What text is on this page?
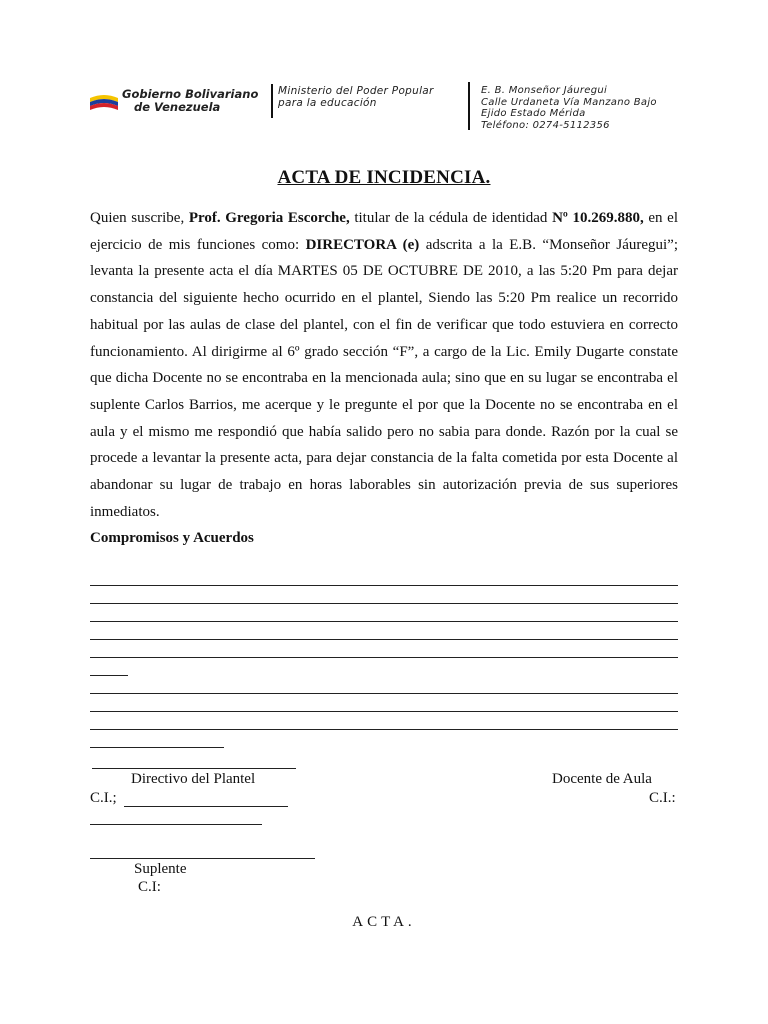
Gobierno Bolivariano
de Venezuela
Ministerio del Poder Popular
para la educación
E. B. Monseñor Jáuregui
Calle Urdaneta Vía Manzano Bajo
Ejido Estado Mérida
Teléfono: 0274-5112356
ACTA DE INCIDENCIA.
Quien suscribe, Prof. Gregoria Escorche, titular de la cédula de identidad Nº 10.269.880, en el
ejercicio de mis funciones como: DIRECTORA (e) adscrita a la E.B. “Monseñor Jáuregui”;
levanta la presente acta el día MARTES 05 DE OCTUBRE DE 2010, a las 5:20 Pm para dejar
constancia del siguiente hecho ocurrido en el plantel, Siendo las 5:20 Pm realice un recorrido
habitual por las aulas de clase del plantel, con el fin de verificar que todo estuviera en correcto
funcionamiento. Al dirigirme al 6º grado sección “F”, a cargo de la Lic. Emily Dugarte constate
que dicha Docente no se encontraba en la mencionada aula; sino que en su lugar se encontraba el
suplente Carlos Barrios, me acerque y le pregunte el por que la Docente no se encontraba en el
aula y el mismo me respondió que había salido pero no sabia para donde. Razón por la cual se
procede a levantar la presente acta, para dejar constancia de la falta cometida por esta Docente al
abandonar su lugar de trabajo en horas laborables sin autorización previa de sus superiores
inmediatos.
Compromisos y Acuerdos
Directivo del Plantel	Docente de Aula
C.I.;	C.I.:
Suplente
C.I:
ACTA.
